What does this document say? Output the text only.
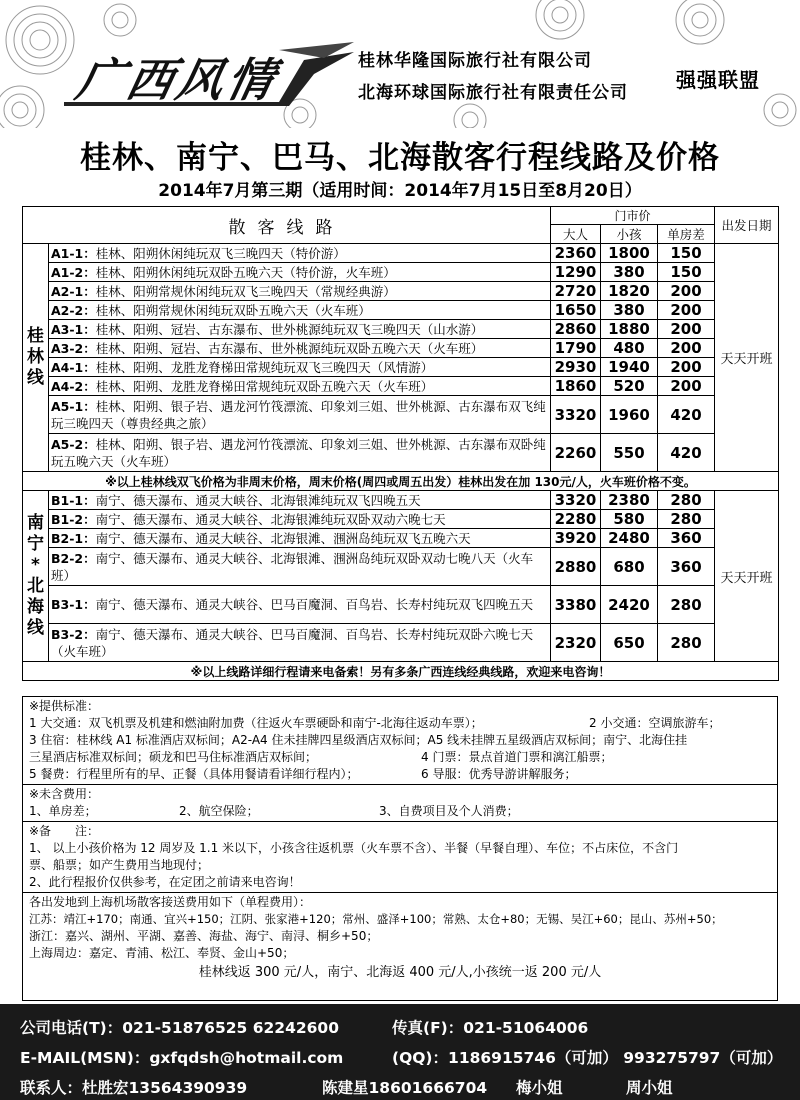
广西风情	桂林华隆国际旅行社有限公司
北海环球国际旅行社有限责任公司
强强联盟
桂林、南宁、巴马、北海散客行程线路及价格
2014年7月第三期（适用时间：2014年7月15日至8月20日）
散客线路		门市价			出发日期
		大人	小孩	单房差	

桂林线	A1-1：桂林、阳朔休闲纯玩双飞三晚四天（特价游）	2360	1800	150	天天开班
	A1-2：桂林、阳朔休闲纯玩双卧五晚六天（特价游，火车班）	1290	380	150	
	A2-1：桂林、阳朔常规休闲纯玩双飞三晚四天（常规经典游）	2720	1820	200	
	A2-2：桂林、阳朔常规休闲纯玩双卧五晚六天（火车班）	1650	380	200	
	A3-1：桂林、阳朔、冠岩、古东瀑布、世外桃源纯玩双飞三晚四天（山水游）	2860	1880	200	
	A3-2：桂林、阳朔、冠岩、古东瀑布、世外桃源纯玩双卧五晚六天（火车班）	1790	480	200	
	A4-1：桂林、阳朔、龙胜龙脊梯田常规纯玩双飞三晚四天（风情游）	2930	1940	200	
	A4-2：桂林、阳朔、龙胜龙脊梯田常规纯玩双卧五晚六天（火车班）	1860	520	200	
	A5-1：桂林、阳朔、银子岩、遇龙河竹筏漂流、印象刘三姐、世外桃源、古东瀑布双飞纯玩三晚四天（尊贵经典之旅）	3320	1960	420	
	A5-2：桂林、阳朔、银子岩、遇龙河竹筏漂流、印象刘三姐、世外桃源、古东瀑布双卧纯玩五晚六天（火车班）	2260	550	420	
※以上桂林线双飞价格为非周末价格，周末价格(周四或周五出发）桂林出发在加 130元/人，火车班价格不变。					

南宁
*
北海线	B1-1：南宁、德天瀑布、通灵大峡谷、北海银滩纯玩双飞四晚五天	3320	2380	280	天天开班
	B1-2：南宁、德天瀑布、通灵大峡谷、北海银滩纯玩双卧双动六晚七天	2280	580	280	
	B2-1：南宁、德天瀑布、通灵大峡谷、北海银滩、涠洲岛纯玩双飞五晚六天	3920	2480	360	
	B2-2：南宁、德天瀑布、通灵大峡谷、北海银滩、涠洲岛纯玩双卧双动七晚八天（火车班）	2880	680	360	
	B3-1：南宁、德天瀑布、通灵大峡谷、巴马百魔洞、百鸟岩、长寿村纯玩双飞四晚五天	3380	2420	280	
	B3-2：南宁、德天瀑布、通灵大峡谷、巴马百魔洞、百鸟岩、长寿村纯玩双卧六晚七天（火车班）	2320	650	280	
※以上线路详细行程请来电备索！另有多条广西连线经典线路，欢迎来电咨询！					
※提供标准：
1 大交通：双飞机票及机建和燃油附加费（往返火车票硬卧和南宁-北海往返动车票）；	2 小交通：空调旅游车；
3 住宿：桂林线 A1 标准酒店双标间；A2-A4 住未挂牌四星级酒店双标间；A5 线未挂牌五星级酒店双标间；南宁、北海住挂
三星酒店标准双标间；硕龙和巴马住标准酒店双标间；	4 门票：景点首道门票和漓江船票；
5 餐费：行程里所有的早、正餐（具体用餐请看详细行程内）；	6 导服：优秀导游讲解服务；
※未含费用：
1、单房差；	2、航空保险；	3、自费项目及个人消费；
※备　　注：
1、 以上小孩价格为 12 周岁及 1.1 米以下，小孩含往返机票（火车票不含）、半餐（早餐自理）、车位；不占床位，不含门
票、船票；如产生费用当地现付；
2、此行程报价仅供参考，在定团之前请来电咨询！
各出发地到上海机场散客接送费用如下（单程费用）：
江苏：靖江+170；南通、宜兴+150；江阴、张家港+120；常州、盛泽+100；常熟、太仓+80；无锡、吴江+60；昆山、苏州+50；
浙江：嘉兴、湖州、平湖、嘉善、海盐、海宁、南浔、桐乡+50；
上海周边：嘉定、青浦、松江、奉贤、金山+50；
桂林线返 300 元/人，南宁、北海返 400 元/人,小孩统一返 200 元/人
公司电话(T)：021-51876525 62242600	传真(F)：021-51064006
E-MAIL(MSN)：gxfqdsh@hotmail.com	(QQ)：1186915746（可加） 993275797（可加）
联系人：杜胜宏13564390939	陈建星18601666704 梅小姐	周小姐
